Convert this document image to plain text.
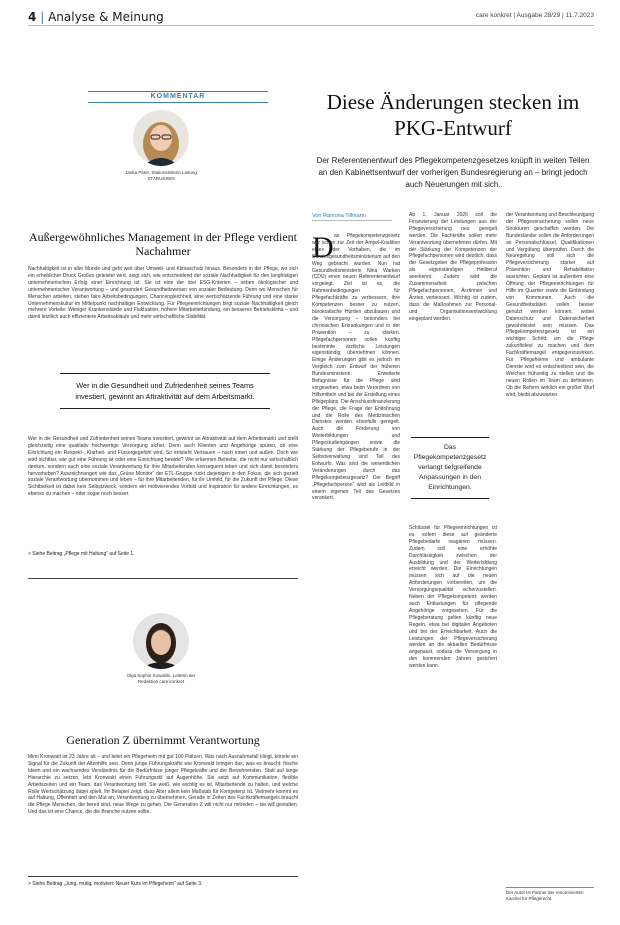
4 | Analyse & Meinung	care konkret | Ausgabe 28/29 | 11.7.2023
KOMMENTAR
Janka Peter, Stationsleiterin Leitung STARUSSEN
Außergewöhnliches Management in der Pflege verdient Nachahmer
Nachhaltigkeit ist in aller Munde und geht weit über Umwelt- und Klimaschutz hinaus. Besonders in der Pflege, wo sich ein erheblicher Druck Großes geleistet wird, zeigt sich, wie entscheidend der soziale Nachhaltigkeit für den langfristigen unternehmerischen Erfolg einer Einrichtung ist. Sie ist eine der drei ESG-Kriterien – neben ökologischer und unternehmerischer Verantwortung – und gesondert Gesundheitswesen von sozialer Bedeutung. Denn wo Menschen für Menschen arbeiten, stehen faire Arbeitsbedingungen, Chancengleichheit, eine wertschätzende Führung und eine starke Unternehmenskultur im Mittelpunkt nachhaltiger Entwicklung. Für Pflegeeinrichtungen birgt soziale Nachhaltigkeit gleich mehrere Vorteile: Weniger Krankenstände und Fluktuation, höhere Mitarbeiterbindung, ein besseres Betriebsklima – und damit letztlich auch effizientere Arbeitsabläufe und mehr wirtschaftliche Stabilität.
Wer in die Gesundheit und Zufriedenheit seines Teams investiert, gewinnt an Attraktivität auf dem Arbeitsmarkt.
Wer in die Gesundheit und Zufriedenheit seines Teams investiert, gewinnt an Attraktivität auf dem Arbeitsmarkt und stellt gleichzeitig eine qualitativ hochwertige Versorgung sicher. Denn auch Klienten und Angehörige spüren, ob eine Einrichtung ein Respekt-, Klarheit- und Fürsorgegefühl wird. So entsteht Vertrauen – nach innen und außen. Doch wie wird sichtbar, wie gut eine Führung ist oder eine Einrichtung bewirkt? Wie erkennen Betriebe, die nicht nur wirtschaftlich denken, sondern auch eine soziale Verantwortung für ihre Mitarbeitenden konsequent leben und sich damit besonders hervorheben? Auszeichnungen wie das „Grüne Monitor“ der ETL-Gruppe rückt diejenigen in den Fokus, die sich gezielt soziale Verantwortung übernommen und leben – für ihre Mitarbeitenden, für ihr Umfeld, für die Zukunft der Pflege. Diese Sichtbarkeit ist dabei kein Selbstzweck, sondern ein motivierendes Vorbild und Inspiration für andere Einrichtungen, es ebenso zu machen – oder sogar noch besser.
> Siehe Beitrag „Pflege mit Haltung“ auf Seite 1.
Olga Sophie Kowalski, Leiterin der Redaktion care konkret
Generation Z übernimmt Verantwortung
Mimi Kronwald ist 23 Jahre alt – und leitet ein Pflegeheim mit gut 100 Plätzen. Was nach Ausnahmefall klingt, könnte ein Signal für die Zukunft der Altenhilfe sein. Denn junge Führungskräfte wie Kronwald bringen das, was es braucht: frische Ideen und ein wachsendes Verständnis für die Bedürfnisse junger Pflegekräfte und der Bewohnenden. Statt auf lange Hierarchie zu setzen, lebt Kronwald einen Führungsstil auf Augenhöhe. Sie setzt auf Kommunikation, flexible Arbeitszeiten und ein Team, das Verantwortung teilt. Sie weiß, wie wichtig es ist, Mitarbeitende zu halten, und welche Rolle Wertschätzung dabei spielt. Ihr Beispiel zeigt, dass Alter allein kein Maßstab für Kompetenz ist. Vielmehr kommt es auf Haltung, Offenheit und den Mut an, Verantwortung zu übernehmen. Gerade in Zeiten des Fachkräftemangels braucht die Pflege Menschen, die bereit sind, neue Wege zu gehen. Die Generation Z will nicht nur mitreden – sie will gestalten. Und das ist eine Chance, die die Branche nutzen sollte.
> Siehe Beitrag „Jung, mutig, motiviert: Neuer Kurs im Pflegeheim“ auf Seite 3.
Diese Änderungen stecken im PKG-Entwurf
Der Referentenentwurf des Pflegekompetenzgesetzes knüpft in weiten Teilen an den Kabinettsentwurf der vorherigen Bundesregierung an – bringt jedoch auch Neuerungen mit sich.
Von Ramona Tillmann
D as Pflegekompetenzgesetz war schon zur Zeit der Ampel-Koalition eines der Vorhaben, die im Bundesgesundheitsministerium auf den Weg gebracht wurden. Nun hat Gesundheitsministerin Nina Warken (CDU) einen neuen Referentenentwurf vorgelegt. Ziel ist es, die Rahmenbedingungen für Pflegefachkräfte zu verbessern, ihre Kompetenzen besser zu nutzen, bürokratische Hürden abzubauen und die Versorgung – besonders bei chronischen Erkrankungen und in der Prävention – zu stärken. Pflegefachpersonen sollen künftig bestimmte ärztliche Leistungen eigenständig übernehmen können. Einige Änderungen gibt es jedoch im Vergleich zum Entwurf der früheren Bundesministerin. Erweiterte Befugnisse für die Pflege sind vorgesehen, etwa beim Verordnen von Hilfsmitteln und bei der Erstellung eines Pflegeplans. Die Anschlussfinanzierung der Pflege, die Frage der Entlohnung und die Rolle des Medizinischen Dienstes werden ebenfalls geregelt. Auch die Förderung von Weiterbildungen und Pflegestudiengängen sowie die Stärkung der Pflegeberufe in der Selbstverwaltung sind Teil des Entwurfs. Was sind die wesentlichen Veränderungen durch das Pflegekompetenzgesetz? Der Begriff „Pflegefachperson“ wird als Leitbild in einem eigenen Teil des Gesetzes verankert.
Ab 1. Januar 2026 soll die Finanzierung der Leistungen aus der Pflegeversicherung neu geregelt werden. Die Fachkräfte sollen mehr Verantwortung übernehmen dürfen. Mit der Stärkung der Kompetenzen der Pflegefachpersonen wird deutlich, dass der Gesetzgeber die Pflegeprofession als eigenständigen Heilberuf anerkennt. Zudem wird die Zusammenarbeit zwischen Pflegefachpersonen, Ärztinnen und Ärzten verbessert. Wichtig ist zudem, dass die Maßnahmen zur Personal- und Organisationsentwicklung eingeplant werden.
Das Pflegekompetenzgesetz verlangt tiefgreifende Anpassungen in den Einrichtungen.
Schlüssel für Pflegeeinrichtungen ist es, sofern diese auf geänderte Pflegebedarfe reagieren müssen. Zudem soll eine erhöhte Durchlässigkeit zwischen der Ausbildung und der Weiterbildung erreicht werden. Die Einrichtungen müssen sich auf die neuen Anforderungen vorbereiten, um die Versorgungsqualität sicherzustellen. Neben der Pflegekompetenz werden auch Entlastungen für pflegende Angehörige vorgesehen. Für die Pflegeberatung gelten künftig neue Regeln, etwa bei digitalen Angeboten und bei der Erreichbarkeit. Auch die Leistungen der Pflegeversicherung werden an die aktuellen Bedürfnisse angepasst, sodass die Versorgung in den kommenden Jahren gesichert werden kann.
der Verantwortung und Beschleunigung der Pflegeversicherung sollen neue Strukturen geschaffen werden. Die Bundesländer sollen die Anforderungen an Personalschlüssel, Qualifikationen und Vergütung überprüfen. Durch die Neuregelung soll sich die Pflegeversicherung stärker auf Prävention und Rehabilitation ausrichten. Geplant ist außerdem eine Öffnung der Pflegeeinrichtungen für Hilfe im Quartier sowie die Einbindung von Kommunen. Auch die Gesundheitsdaten sollen besser genutzt werden können, wobei Datenschutz und Datensicherheit gewährleistet sein müssen. Das Pflegekompetenzgesetz ist ein wichtiger Schritt, um die Pflege zukunftsfest zu machen und dem Fachkräftemangel entgegenzuwirken. Für Pflegeheime und ambulante Dienste wird es entscheidend sein, die Weichen frühzeitig zu stellen und die neuen Rollen im Team zu definieren. Ob die Reform wirklich ein großer Wurf wird, bleibt abzuwarten.
Der Autor ist Partner der renommierten Kanzlei für Pflegerecht.
